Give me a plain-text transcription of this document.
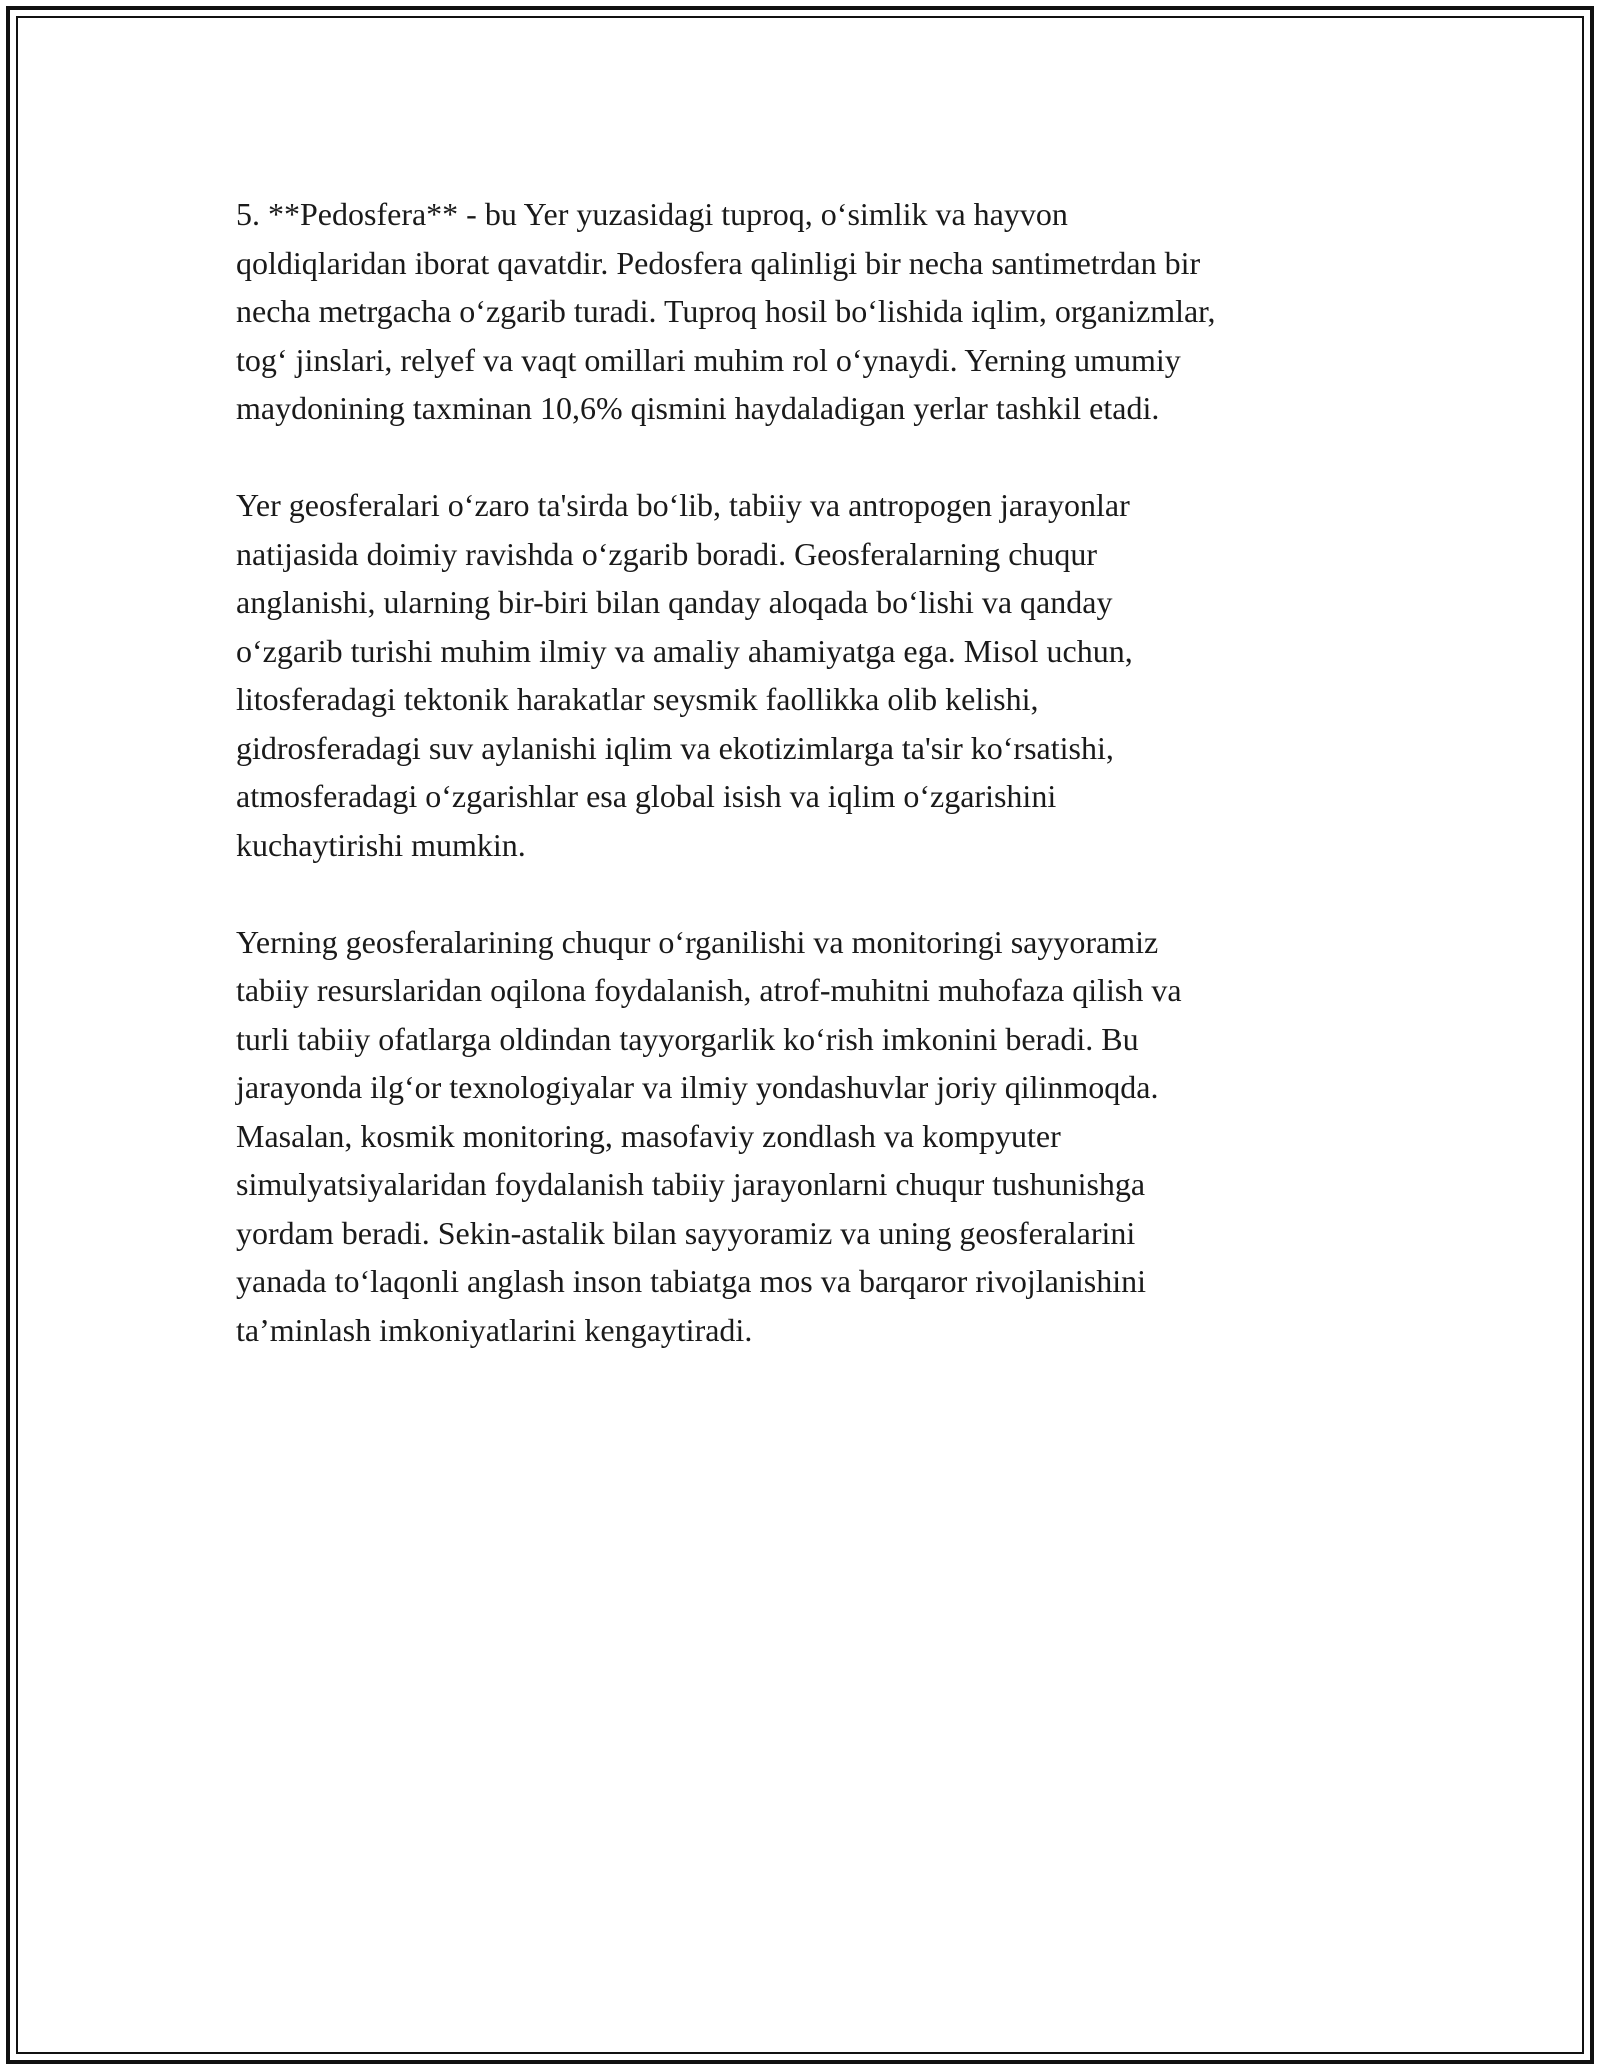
5. **Pedosfera** - bu Yer yuzasidagi tuproq, o‘simlik va hayvon
qoldiqlaridan iborat qavatdir. Pedosfera qalinligi bir necha santimetrdan bir
necha metrgacha o‘zgarib turadi. Tuproq hosil bo‘lishida iqlim, organizmlar,
tog‘ jinslari, relyef va vaqt omillari muhim rol o‘ynaydi. Yerning umumiy
maydonining taxminan 10,6% qismini haydaladigan yerlar tashkil etadi.

Yer geosferalari o‘zaro ta'sirda bo‘lib, tabiiy va antropogen jarayonlar
natijasida doimiy ravishda o‘zgarib boradi. Geosferalarning chuqur
anglanishi, ularning bir-biri bilan qanday aloqada bo‘lishi va qanday
o‘zgarib turishi muhim ilmiy va amaliy ahamiyatga ega. Misol uchun,
litosferadagi tektonik harakatlar seysmik faollikka olib kelishi,
gidrosferadagi suv aylanishi iqlim va ekotizimlarga ta'sir ko‘rsatishi,
atmosferadagi o‘zgarishlar esa global isish va iqlim o‘zgarishini
kuchaytirishi mumkin.

Yerning geosferalarining chuqur o‘rganilishi va monitoringi sayyoramiz
tabiiy resurslaridan oqilona foydalanish, atrof-muhitni muhofaza qilish va
turli tabiiy ofatlarga oldindan tayyorgarlik ko‘rish imkonini beradi. Bu
jarayonda ilg‘or texnologiyalar va ilmiy yondashuvlar joriy qilinmoqda.
Masalan, kosmik monitoring, masofaviy zondlash va kompyuter
simulyatsiyalaridan foydalanish tabiiy jarayonlarni chuqur tushunishga
yordam beradi. Sekin-astalik bilan sayyoramiz va uning geosferalarini
yanada to‘laqonli anglash inson tabiatga mos va barqaror rivojlanishini
ta’minlash imkoniyatlarini kengaytiradi.
